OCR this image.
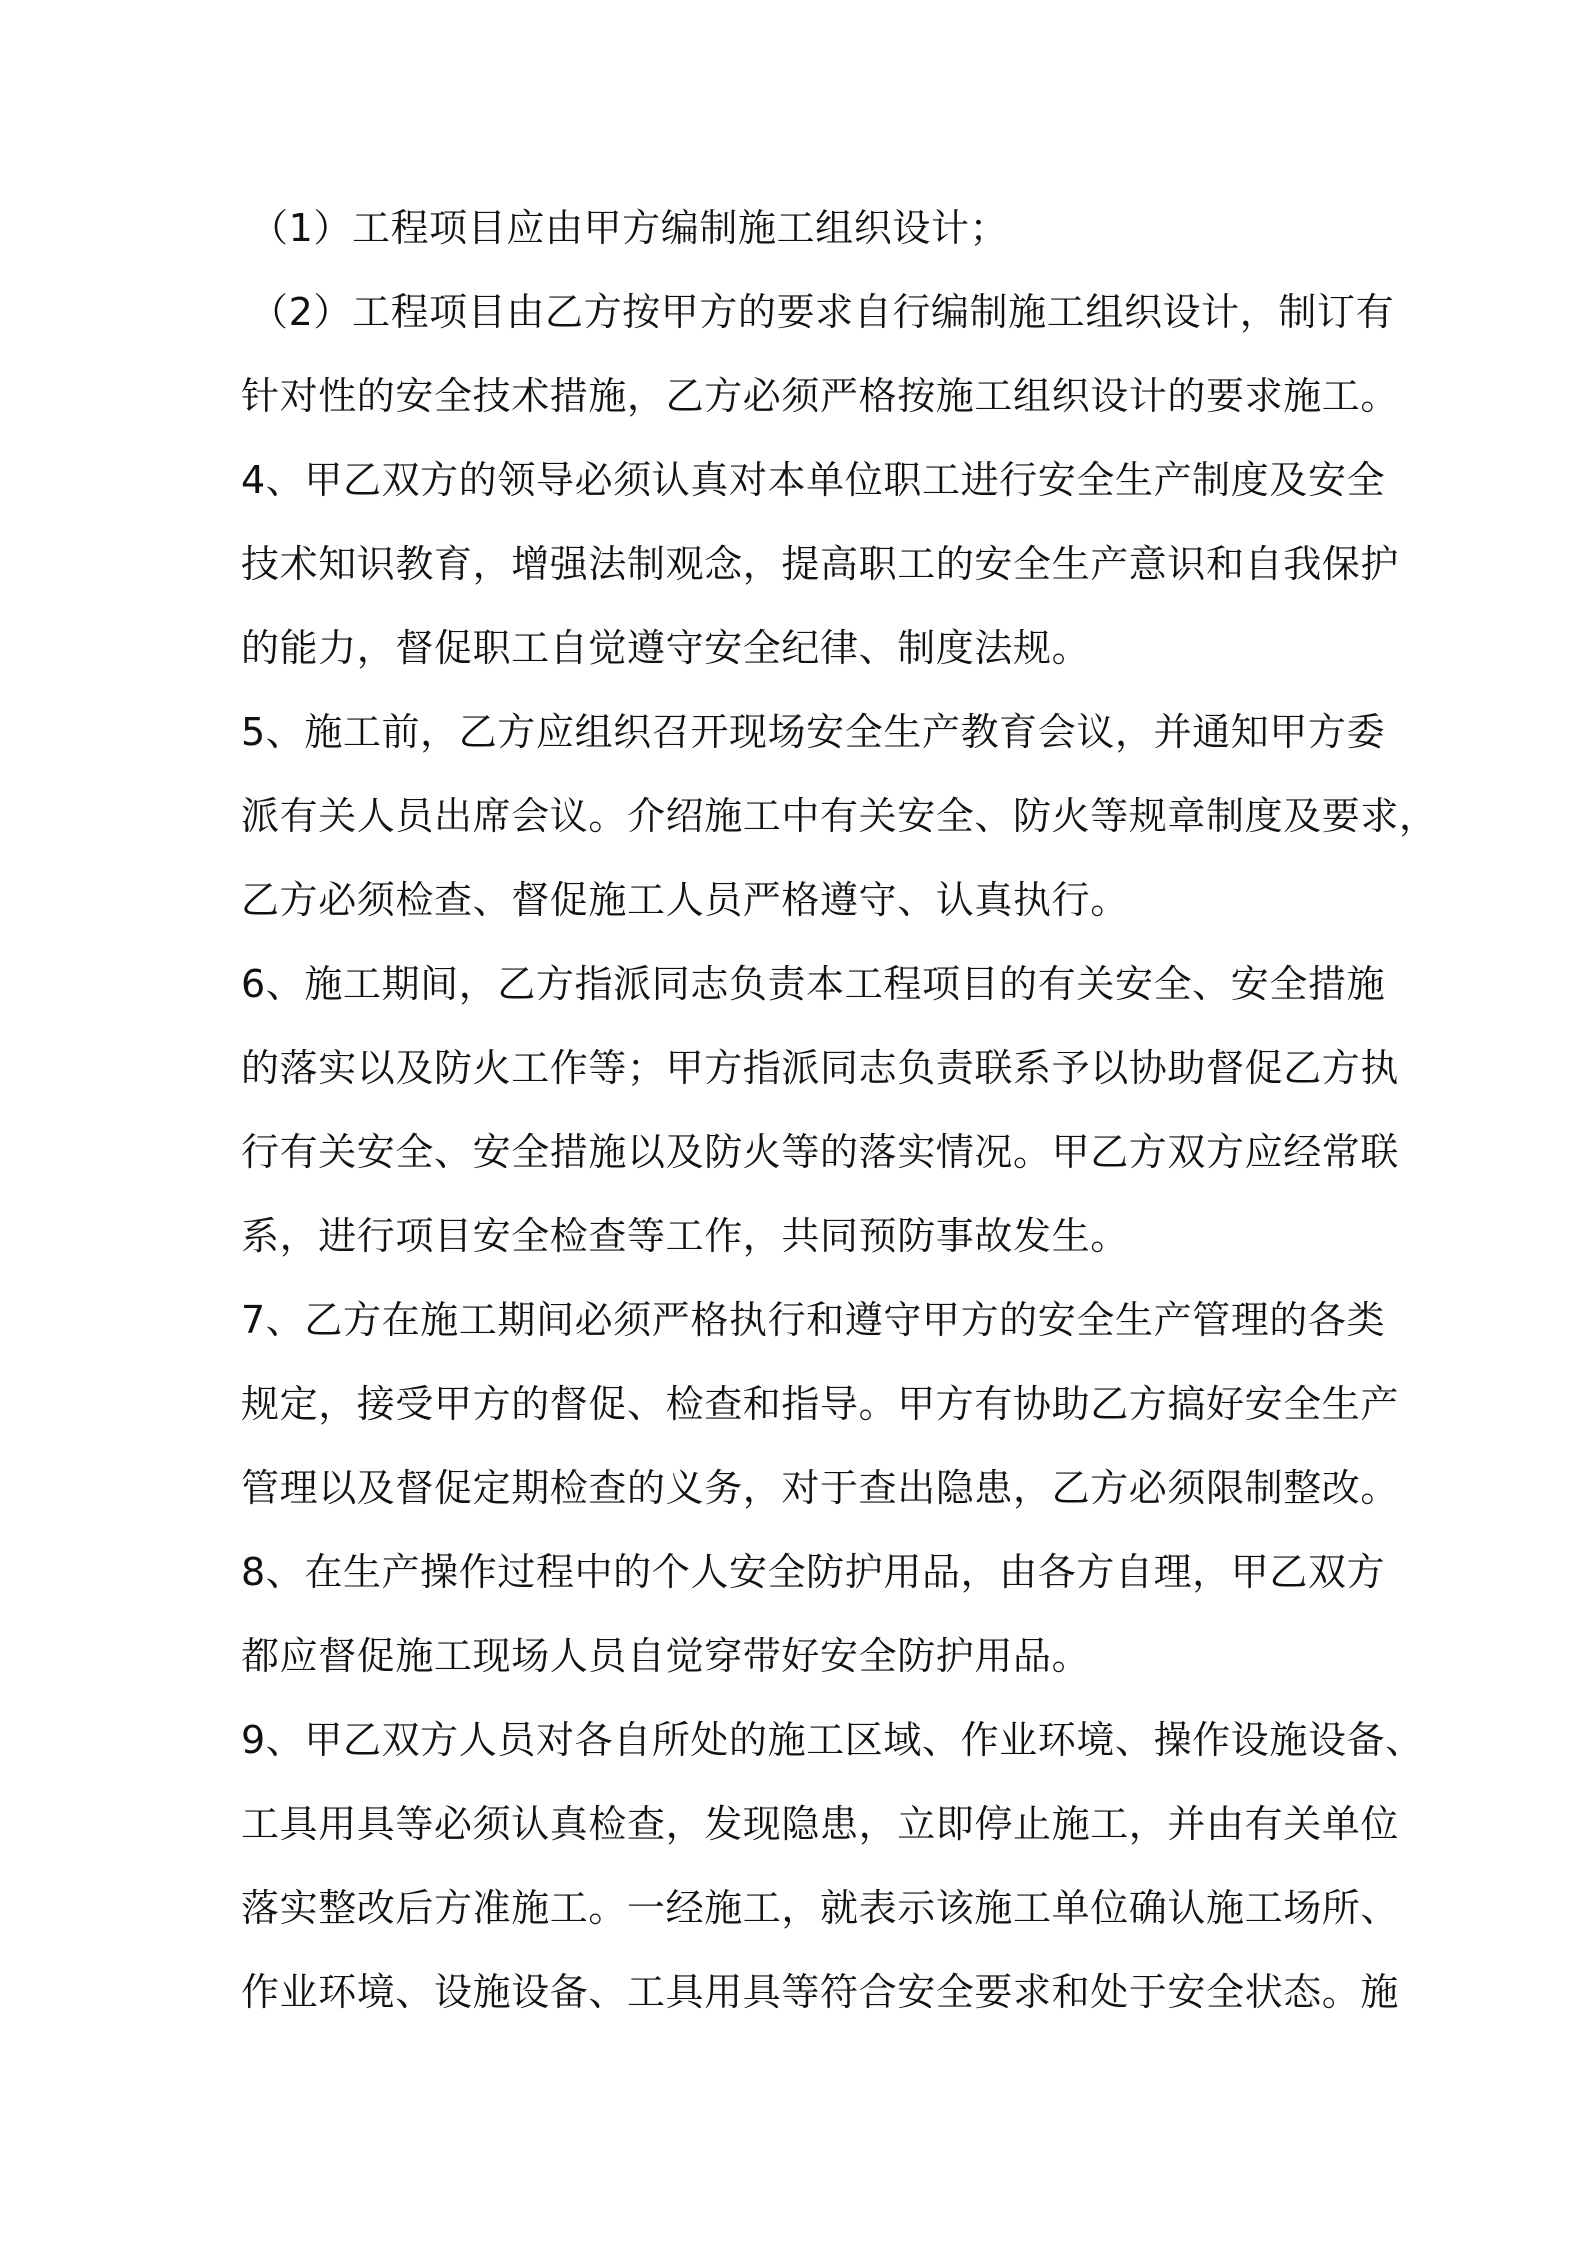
（1）工程项目应由甲方编制施工组织设计；
（2）工程项目由乙方按甲方的要求自行编制施工组织设计，制订有
针对性的安全技术措施，乙方必须严格按施工组织设计的要求施工。
4、甲乙双方的领导必须认真对本单位职工进行安全生产制度及安全
技术知识教育，增强法制观念，提高职工的安全生产意识和自我保护
的能力，督促职工自觉遵守安全纪律、制度法规。
5、施工前，乙方应组织召开现场安全生产教育会议，并通知甲方委
派有关人员出席会议。介绍施工中有关安全、防火等规章制度及要求，
乙方必须检查、督促施工人员严格遵守、认真执行。
6、施工期间，乙方指派同志负责本工程项目的有关安全、安全措施
的落实以及防火工作等；甲方指派同志负责联系予以协助督促乙方执
行有关安全、安全措施以及防火等的落实情况。甲乙方双方应经常联
系，进行项目安全检查等工作，共同预防事故发生。
7、乙方在施工期间必须严格执行和遵守甲方的安全生产管理的各类
规定，接受甲方的督促、检查和指导。甲方有协助乙方搞好安全生产
管理以及督促定期检查的义务，对于查出隐患，乙方必须限制整改。
8、在生产操作过程中的个人安全防护用品，由各方自理，甲乙双方
都应督促施工现场人员自觉穿带好安全防护用品。
9、甲乙双方人员对各自所处的施工区域、作业环境、操作设施设备、
工具用具等必须认真检查，发现隐患，立即停止施工，并由有关单位
落实整改后方准施工。一经施工，就表示该施工单位确认施工场所、
作业环境、设施设备、工具用具等符合安全要求和处于安全状态。施
